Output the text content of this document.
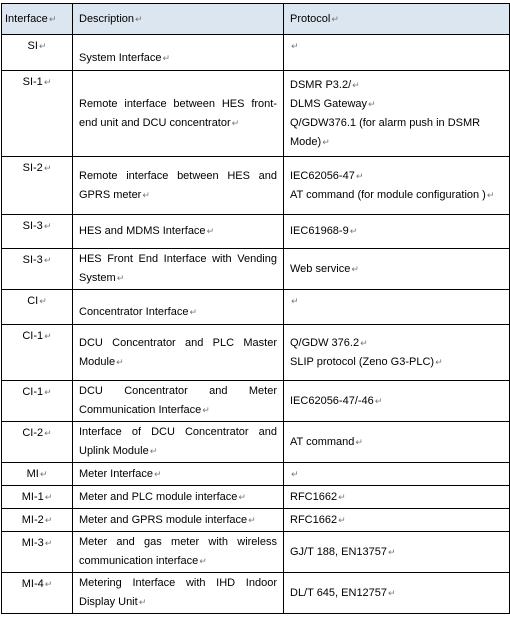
Interface↵	Description↵	Protocol↵
SI↵	System Interface↵	↵
SI-1↵	Remote interface between HES front-end unit and DCU concentrator↵	DSMR P3.2/↵
DLMS Gateway↵
Q/GDW376.1 (for alarm push in DSMR Mode)↵
SI-2↵	Remote interface between HES and GPRS meter↵	IEC62056-47↵
AT command (for module configuration )↵
SI-3↵	HES and MDMS Interface↵	IEC61968-9↵
SI-3↵	HES Front End Interface with Vending System↵	Web service↵
CI↵	Concentrator Interface↵	↵
CI-1↵	DCU Concentrator and PLC Master Module↵	Q/GDW 376.2↵
SLIP protocol (Zeno G3-PLC)↵
CI-1↵	DCU Concentrator and Meter Communication Interface↵	IEC62056-47/-46↵
CI-2↵	Interface of DCU Concentrator and Uplink Module↵	AT command↵
MI↵	Meter Interface↵	↵
MI-1↵	Meter and PLC module interface↵	RFC1662↵
MI-2↵	Meter and GPRS module interface↵	RFC1662↵
MI-3↵	Meter and gas meter with wireless communication interface↵	GJ/T 188, EN13757↵
MI-4↵	Metering Interface with IHD Indoor Display Unit↵	DL/T 645, EN12757↵
